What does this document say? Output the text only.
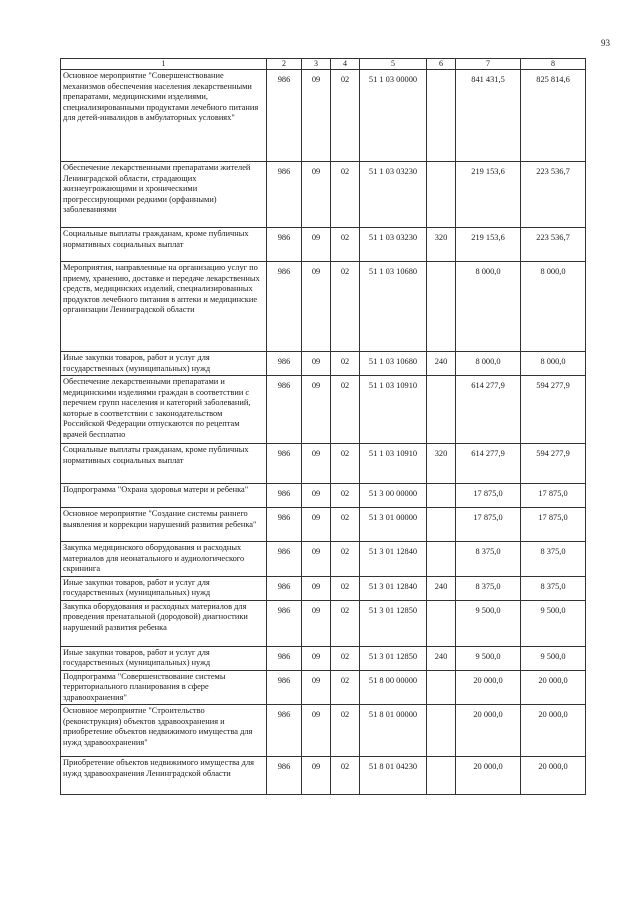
93
1	2	3	4	5	6	7	8
Основное мероприятие "Совершенствование механизмов обеспечения населения лекарственными препаратами, медицинскими изделиями, специализированными продуктами лечебного питания для детей-инвалидов в амбулаторных условиях"	986	09	02	51 1 03 00000		841 431,5	825 814,6
Обеспечение лекарственными препаратами жителей Ленинградской области, страдающих жизнеугрожающими и хроническими прогрессирующими редкими (орфанными) заболеваниями	986	09	02	51 1 03 03230		219 153,6	223 536,7
Социальные выплаты гражданам, кроме публичных нормативных социальных выплат	986	09	02	51 1 03 03230	320	219 153,6	223 536,7
Мероприятия, направленные на организацию услуг по приему, хранению, доставке и передаче лекарственных средств, медицинских изделий, специализированных продуктов лечебного питания в аптеки и медицинские организации Ленинградской области	986	09	02	51 1 03 10680		8 000,0	8 000,0
Иные закупки товаров, работ и услуг для государственных (муниципальных) нужд	986	09	02	51 1 03 10680	240	8 000,0	8 000,0
Обеспечение лекарственными препаратами и медицинскими изделиями граждан в соответствии с перечнем групп населения и категорий заболеваний, которые в соответствии с законодательством Российской Федерации отпускаются по рецептам врачей бесплатно	986	09	02	51 1 03 10910		614 277,9	594 277,9
Социальные выплаты гражданам, кроме публичных нормативных социальных выплат	986	09	02	51 1 03 10910	320	614 277,9	594 277,9
Подпрограмма "Охрана здоровья матери и ребенка"	986	09	02	51 3 00 00000		17 875,0	17 875,0
Основное мероприятие "Создание системы раннего выявления и коррекции нарушений развития ребенка"	986	09	02	51 3 01 00000		17 875,0	17 875,0
Закупка медицинского оборудования и расходных материалов для неонатального и аудиологического скрининга	986	09	02	51 3 01 12840		8 375,0	8 375,0
Иные закупки товаров, работ и услуг для государственных (муниципальных) нужд	986	09	02	51 3 01 12840	240	8 375,0	8 375,0
Закупка оборудования и расходных материалов для проведения пренатальной (дородовой) диагностики нарушений развития ребенка	986	09	02	51 3 01 12850		9 500,0	9 500,0
Иные закупки товаров, работ и услуг для государственных (муниципальных) нужд	986	09	02	51 3 01 12850	240	9 500,0	9 500,0
Подпрограмма "Совершенствование системы территориального планирования в сфере здравоохранения"	986	09	02	51 8 00 00000		20 000,0	20 000,0
Основное мероприятие "Строительство (реконструкция) объектов здравоохранения и приобретение объектов недвижимого имущества для нужд здравоохранения"	986	09	02	51 8 01 00000		20 000,0	20 000,0
Приобретение объектов недвижимого имущества для нужд здравоохранения Ленинградской области	986	09	02	51 8 01 04230		20 000,0	20 000,0
